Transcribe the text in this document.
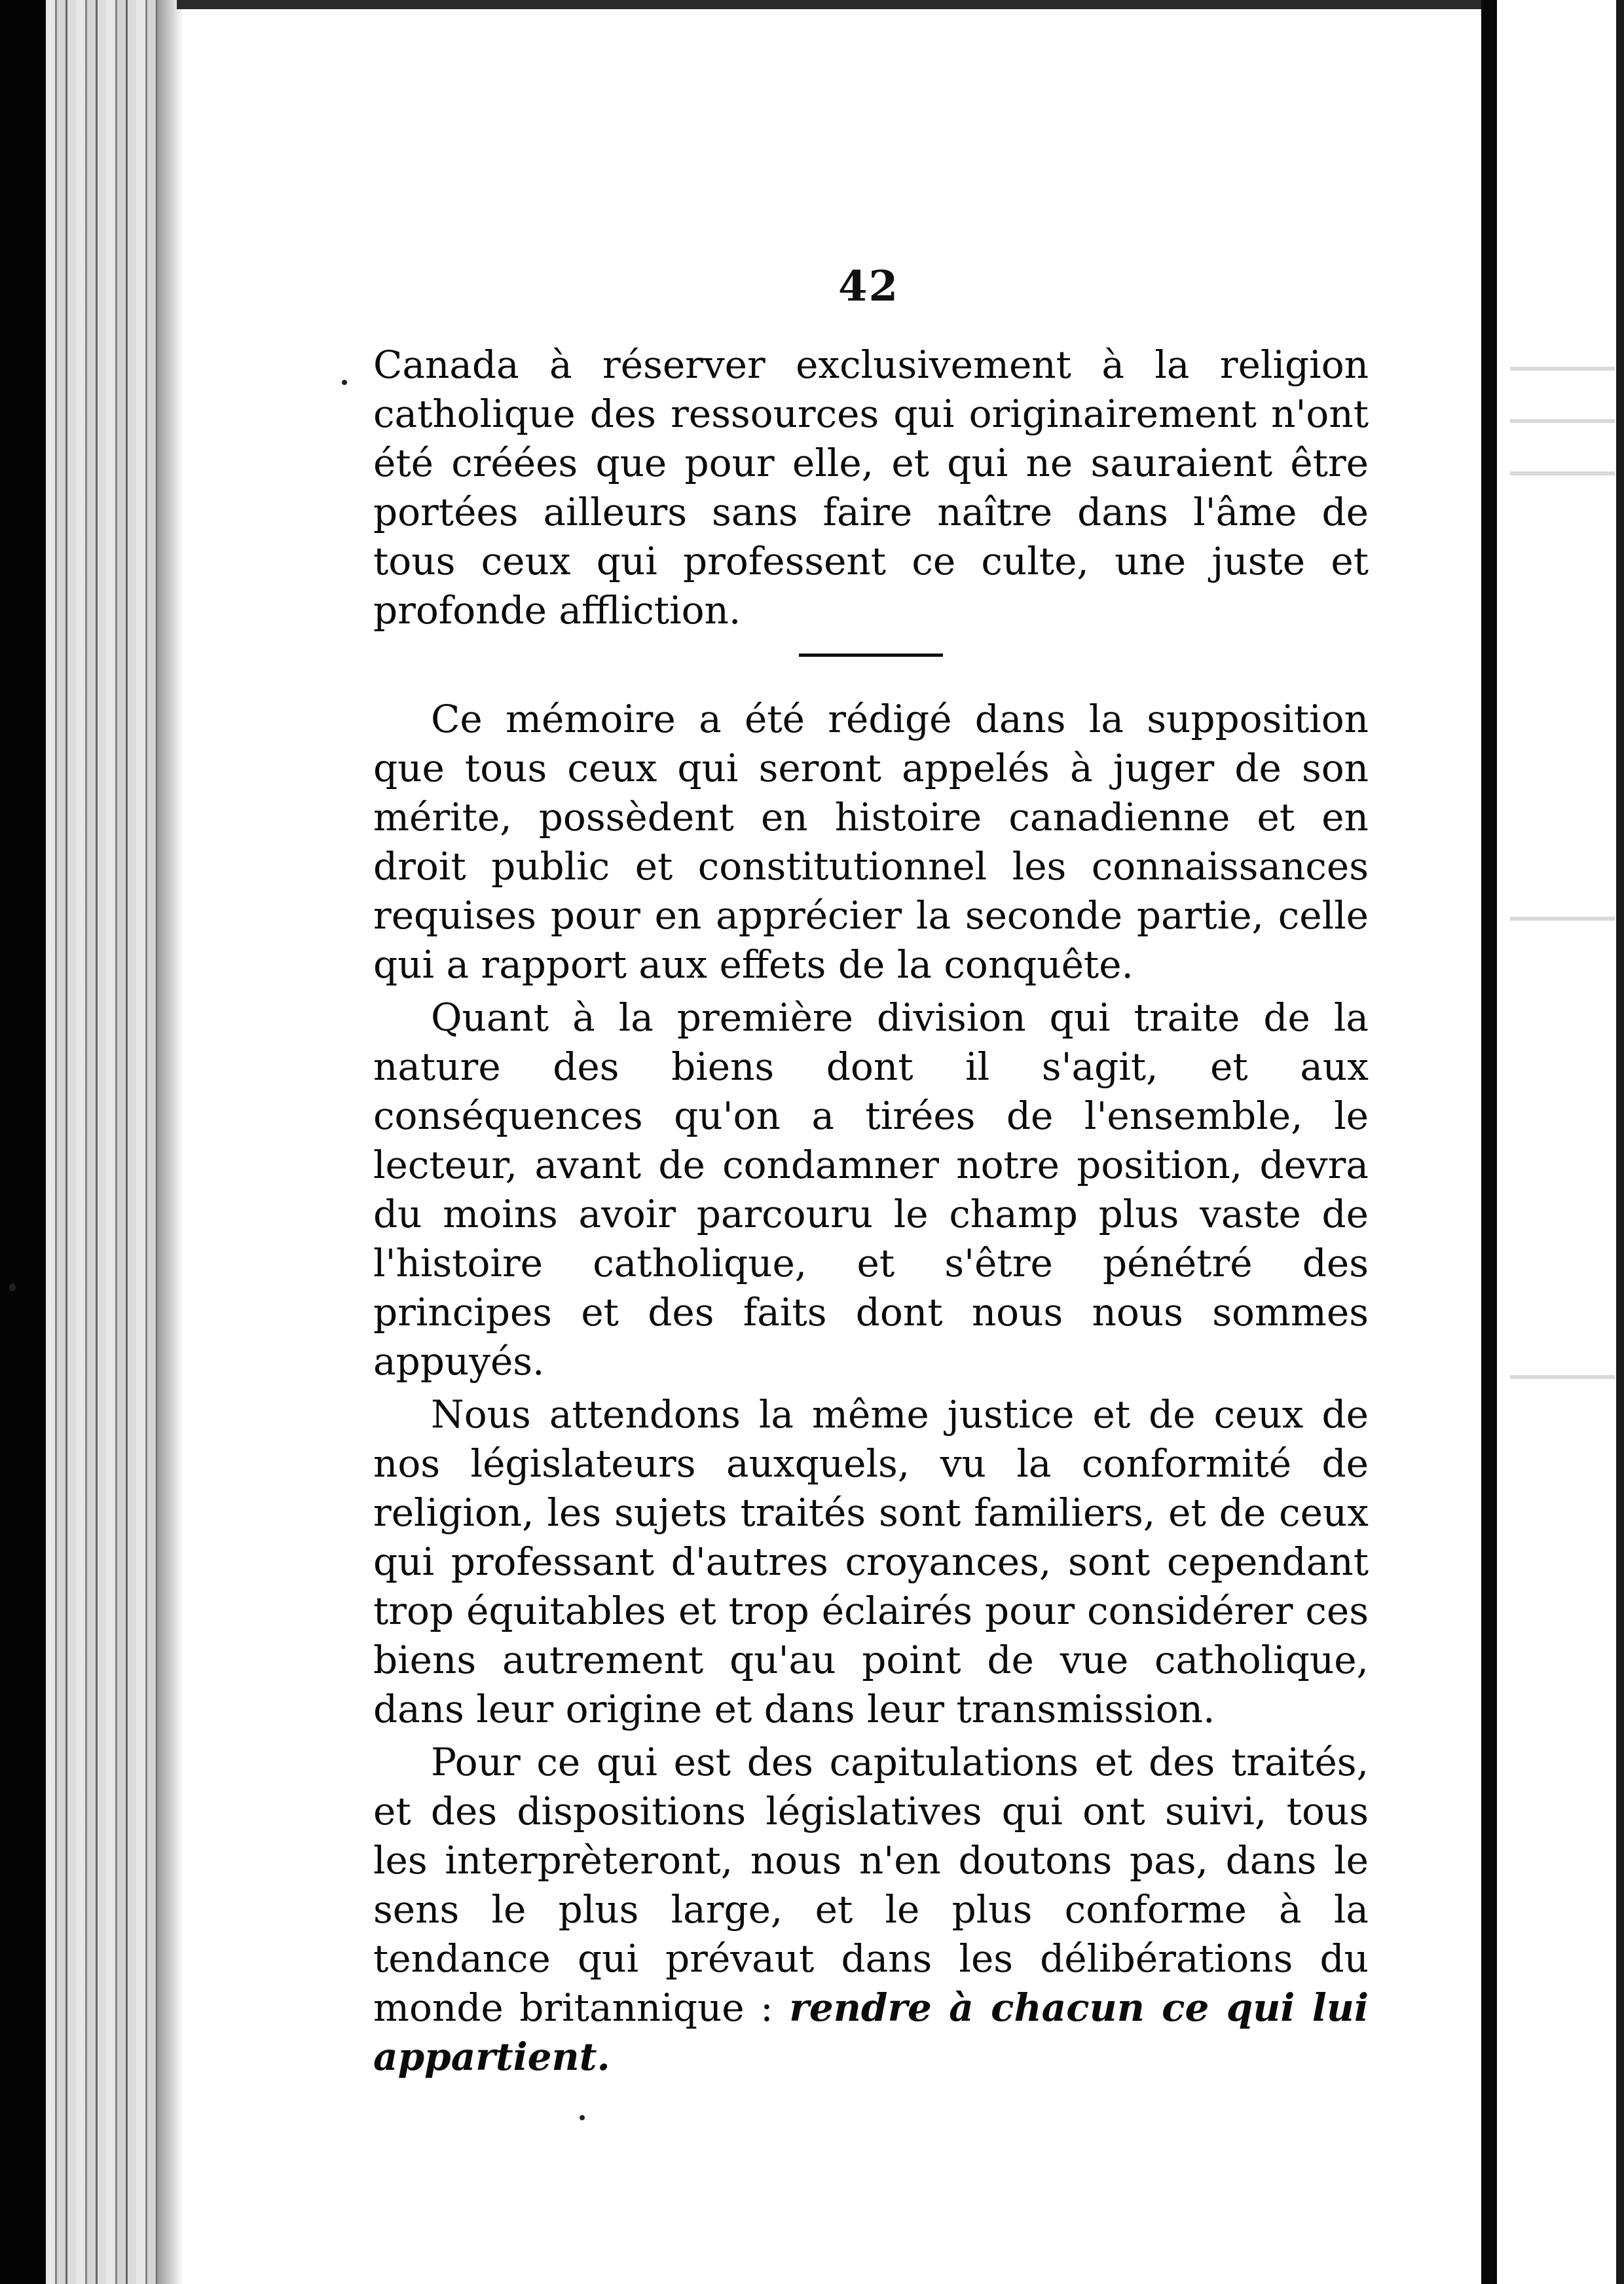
42

Canada à réserver exclusivement à la religion catholique des ressources qui originairement n'ont été créées que pour elle, et qui ne sauraient être portées ailleurs sans faire naître dans l'âme de tous ceux qui professent ce culte, une juste et profonde affliction.

Ce mémoire a été rédigé dans la supposition que tous ceux qui seront appelés à juger de son mérite, possèdent en histoire canadienne et en droit public et constitutionnel les connaissances requises pour en apprécier la seconde partie, celle qui a rapport aux effets de la conquête.

Quant à la première division qui traite de la nature des biens dont il s'agit, et aux conséquences qu'on a tirées de l'ensemble, le lecteur, avant de condamner notre position, devra du moins avoir parcouru le champ plus vaste de l'histoire catholique, et s'être pénétré des principes et des faits dont nous nous sommes appuyés.

Nous attendons la même justice et de ceux de nos législateurs auxquels, vu la conformité de religion, les sujets traités sont familiers, et de ceux qui professant d'autres croyances, sont cependant trop équitables et trop éclairés pour considérer ces biens autrement qu'au point de vue catholique, dans leur origine et dans leur transmission.

Pour ce qui est des capitulations et des traités, et des dispositions législatives qui ont suivi, tous les interprèteront, nous n'en doutons pas, dans le sens le plus large, et le plus conforme à la tendance qui prévaut dans les délibérations du monde britannique : rendre à chacun ce qui lui appartient.
